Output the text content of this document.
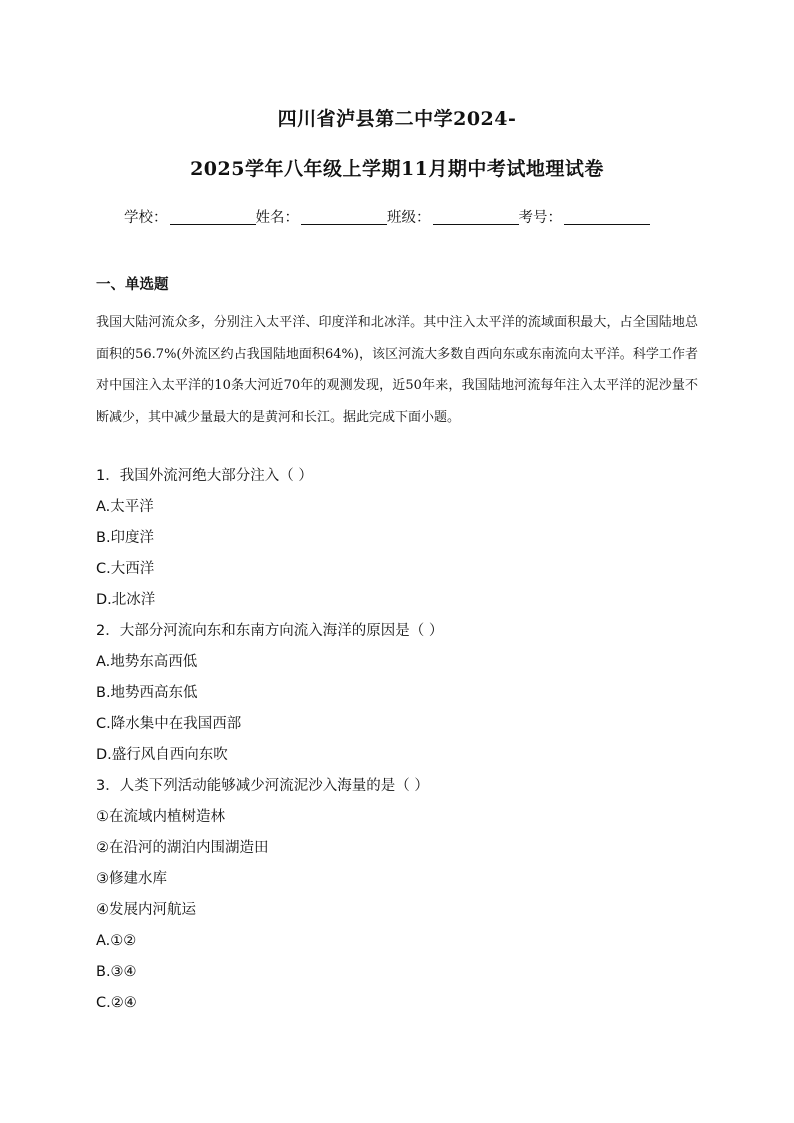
四川省泸县第二中学2024-
2025学年八年级上学期11月期中考试地理试卷
学校：	姓名：	班级：	考号：
一、单选题
我国大陆河流众多，分别注入太平洋、印度洋和北冰洋。其中注入太平洋的流域面积最大，占全国陆地总面积的56.7%(外流区约占我国陆地面积64%)，该区河流大多数自西向东或东南流向太平洋。科学工作者对中国注入太平洋的10条大河近70年的观测发现，近50年来，我国陆地河流每年注入太平洋的泥沙量不断减少，其中减少量最大的是黄河和长江。据此完成下面小题。
1．我国外流河绝大部分注入（ ）
A.太平洋
B.印度洋
C.大西洋
D.北冰洋
2．大部分河流向东和东南方向流入海洋的原因是（ ）
A.地势东高西低
B.地势西高东低
C.降水集中在我国西部
D.盛行风自西向东吹
3．人类下列活动能够减少河流泥沙入海量的是（ ）
①在流域内植树造林
②在沿河的湖泊内围湖造田
③修建水库
④发展内河航运
A.①②
B.③④
C.②④
